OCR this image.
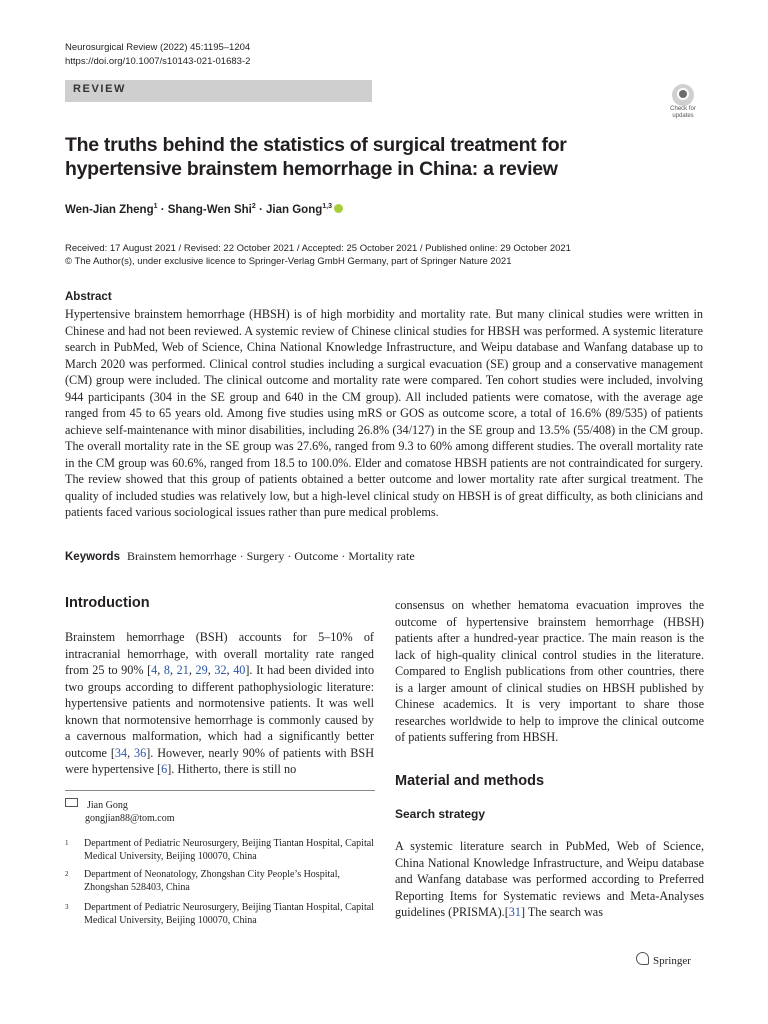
Neurosurgical Review (2022) 45:1195–1204
https://doi.org/10.1007/s10143-021-01683-2
REVIEW
Check for updates
The truths behind the statistics of surgical treatment for hypertensive brainstem hemorrhage in China: a review
Wen-Jian Zheng$^1$ · Shang-Wen Shi$^2$ · Jian Gong$^{1,3}$
Received: 17 August 2021 / Revised: 22 October 2021 / Accepted: 25 October 2021 / Published online: 29 October 2021
© The Author(s), under exclusive licence to Springer-Verlag GmbH Germany, part of Springer Nature 2021
Abstract
Hypertensive brainstem hemorrhage (HBSH) is of high morbidity and mortality rate. But many clinical studies were written in Chinese and had not been reviewed. A systemic review of Chinese clinical studies for HBSH was performed. A systemic literature search in PubMed, Web of Science, China National Knowledge Infrastructure, and Weipu database and Wanfang database up to March 2020 was performed. Clinical control studies including a surgical evacuation (SE) group and a conservative management (CM) group were included. The clinical outcome and mortality rate were compared. Ten cohort studies were included, involving 944 participants (304 in the SE group and 640 in the CM group). All included patients were comatose, with the average age ranged from 45 to 65 years old. Among five studies using mRS or GOS as outcome score, a total of 16.6% (89/535) of patients achieve self-maintenance with minor disabilities, including 26.8% (34/127) in the SE group and 13.5% (55/408) in the CM group. The overall mortality rate in the SE group was 27.6%, ranged from 9.3 to 60% among different studies. The overall mortality rate in the CM group was 60.6%, ranged from 18.5 to 100.0%. Elder and comatose HBSH patients are not contraindicated for surgery. The review showed that this group of patients obtained a better outcome and lower mortality rate after surgical treatment. The quality of included studies was relatively low, but a high-level clinical study on HBSH is of great difficulty, as both clinicians and patients faced various sociological issues rather than pure medical problems.
Keywords Brainstem hemorrhage · Surgery · Outcome · Mortality rate
Introduction
Brainstem hemorrhage (BSH) accounts for 5–10% of intracranial hemorrhage, with overall mortality rate ranged from 25 to 90% [4, 8, 21, 29, 32, 40]. It had been divided into two groups according to different pathophysiologic literature: hypertensive patients and normotensive patients. It was well known that normotensive hemorrhage is commonly caused by a cavernous malformation, which had a significantly better outcome [34, 36]. However, nearly 90% of patients with BSH were hypertensive [6]. Hitherto, there is still no
consensus on whether hematoma evacuation improves the outcome of hypertensive brainstem hemorrhage (HBSH) patients after a hundred-year practice. The main reason is the lack of high-quality clinical control studies in the literature. Compared to English publications from other countries, there is a larger amount of clinical studies on HBSH published by Chinese academics. It is very important to share those researches worldwide to help to improve the clinical outcome of patients suffering from HBSH.
Material and methods
Search strategy
A systemic literature search in PubMed, Web of Science, China National Knowledge Infrastructure, and Weipu database and Wanfang database was performed according to Preferred Reporting Items for Systematic reviews and Meta-Analyses guidelines (PRISMA).[31] The search was
Jian Gong
gongjian88@tom.com
1 Department of Pediatric Neurosurgery, Beijing Tiantan Hospital, Capital Medical University, Beijing 100070, China
2 Department of Neonatology, Zhongshan City People’s Hospital, Zhongshan 528403, China
3 Department of Pediatric Neurosurgery, Beijing Tiantan Hospital, Capital Medical University, Beijing 100070, China
Springer
